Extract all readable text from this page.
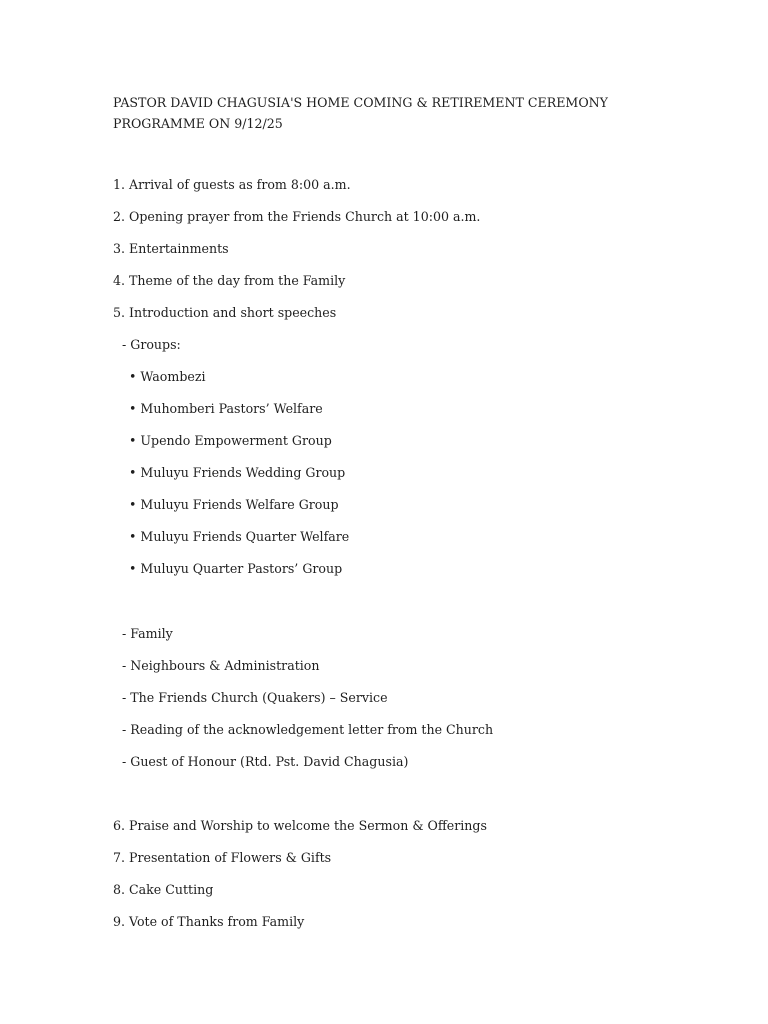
PASTOR DAVID CHAGUSIA'S HOME COMING & RETIREMENT CEREMONY PROGRAMME ON 9/12/25
1. Arrival of guests as from 8:00 a.m.
2. Opening prayer from the Friends Church at 10:00 a.m.
3. Entertainments
4. Theme of the day from the Family
5. Introduction and short speeches
- Groups:
• Waombezi
• Muhomberi Pastors’ Welfare
• Upendo Empowerment Group
• Muluyu Friends Wedding Group
• Muluyu Friends Welfare Group
• Muluyu Friends Quarter Welfare
• Muluyu Quarter Pastors’ Group
- Family
- Neighbours & Administration
- The Friends Church (Quakers) – Service
- Reading of the acknowledgement letter from the Church
- Guest of Honour (Rtd. Pst. David Chagusia)
6. Praise and Worship to welcome the Sermon & Offerings
7. Presentation of Flowers & Gifts
8. Cake Cutting
9. Vote of Thanks from Family
